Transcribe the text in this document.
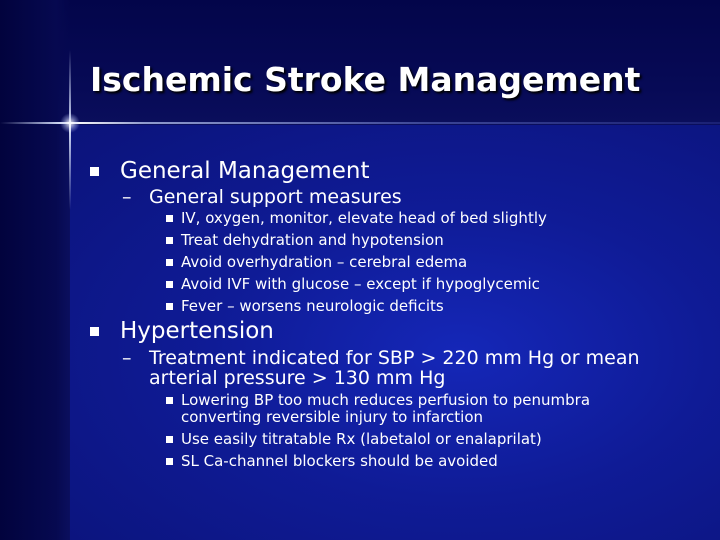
Ischemic Stroke Management
General Management
– General support measures
IV, oxygen, monitor, elevate head of bed slightly
Treat dehydration and hypotension
Avoid overhydration – cerebral edema
Avoid IVF with glucose – except if hypoglycemic
Fever – worsens neurologic deficits
Hypertension
– Treatment indicated for SBP > 220 mm Hg or mean
arterial pressure > 130 mm Hg
Lowering BP too much reduces perfusion to penumbra
converting reversible injury to infarction
Use easily titratable Rx (labetalol or enalaprilat)
SL Ca-channel blockers should be avoided
